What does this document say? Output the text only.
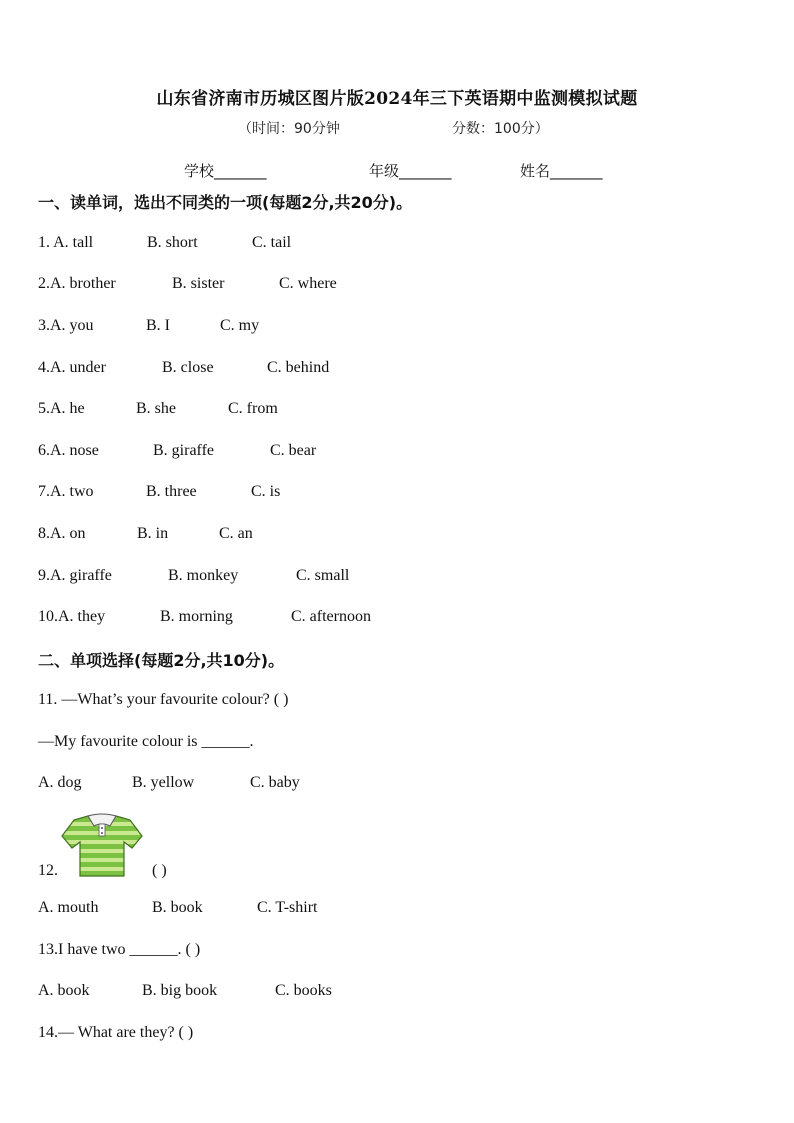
山东省济南市历城区图片版2024年三下英语期中监测模拟试题
（时间：90分钟	分数：100分）
学校_______	年级_______	姓名_______
一、读单词，选出不同类的一项(每题2分,共20分)。
1. A. tall	B. short	C. tail
2.A. brother	B. sister	C. where
3.A. you	B. I	C. my
4.A. under	B. close	C. behind
5.A. he	B. she	C. from
6.A. nose	B. giraffe	C. bear
7.A. two	B. three	C. is
8.A. on	B. in	C. an
9.A. giraffe	B. monkey	C. small
10.A. they	B. morning	C. afternoon
二、单项选择(每题2分,共10分)。
11. —What’s your favourite colour? ( )
—My favourite colour is ______.
A. dog	B. yellow	C. baby
12.	( )
A. mouth	B. book	C. T-shirt
13.I have two ______. ( )
A. book	B. big book	C. books
14.— What are they? ( )
